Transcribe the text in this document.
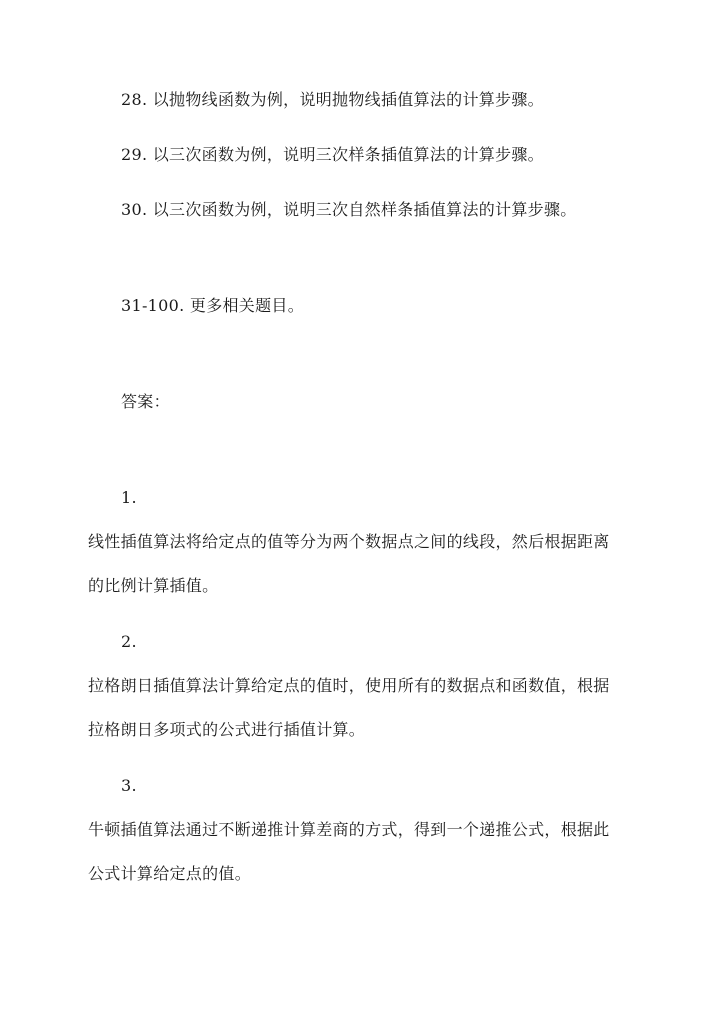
28. 以抛物线函数为例，说明抛物线插值算法的计算步骤。
29. 以三次函数为例，说明三次样条插值算法的计算步骤。
30. 以三次函数为例，说明三次自然样条插值算法的计算步骤。
31-100. 更多相关题目。
答案：
1.
线性插值算法将给定点的值等分为两个数据点之间的线段，然后根据距离
的比例计算插值。
2.
拉格朗日插值算法计算给定点的值时，使用所有的数据点和函数值，根据
拉格朗日多项式的公式进行插值计算。
3.
牛顿插值算法通过不断递推计算差商的方式，得到一个递推公式，根据此
公式计算给定点的值。
